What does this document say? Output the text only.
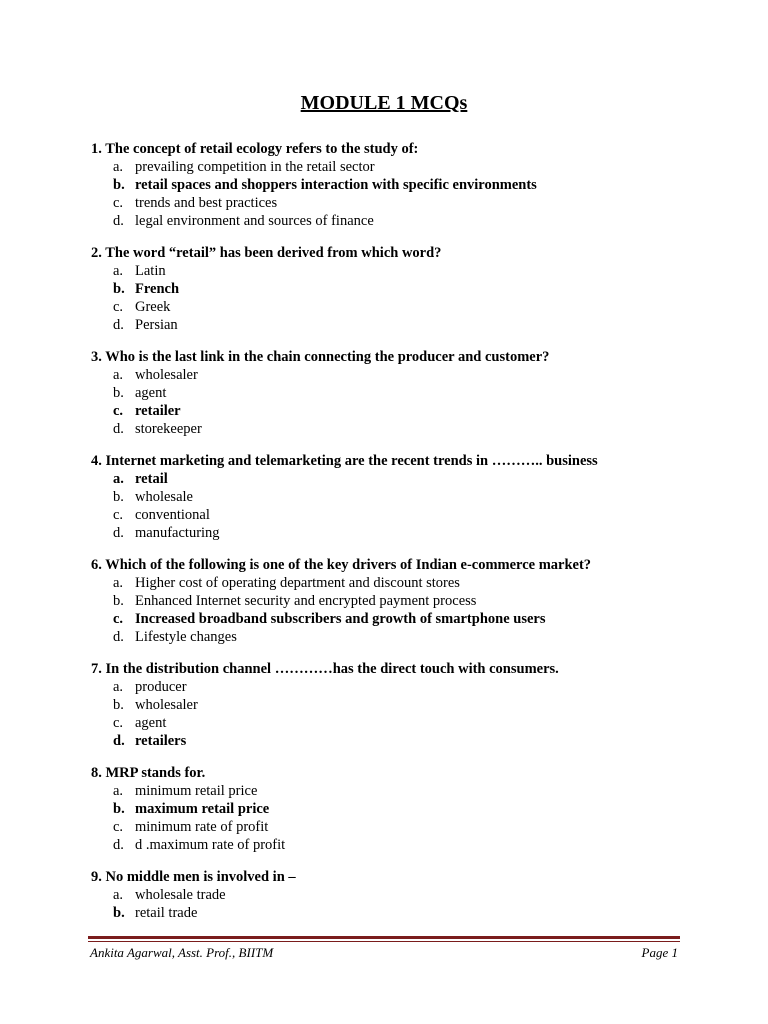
MODULE 1 MCQs
1. The concept of retail ecology refers to the study of:
a. prevailing competition in the retail sector
b. retail spaces and shoppers interaction with specific environments
c. trends and best practices
d. legal environment and sources of finance
2. The word “retail” has been derived from which word?
a. Latin
b. French
c. Greek
d. Persian
3. Who is the last link in the chain connecting the producer and customer?
a. wholesaler
b. agent
c. retailer
d. storekeeper
4. Internet marketing and telemarketing are the recent trends in ……….. business
a. retail
b. wholesale
c. conventional
d. manufacturing
6. Which of the following is one of the key drivers of Indian e-commerce market?
a. Higher cost of operating department and discount stores
b. Enhanced Internet security and encrypted payment process
c. Increased broadband subscribers and growth of smartphone users
d. Lifestyle changes
7. In the distribution channel …………has the direct touch with consumers.
a. producer
b. wholesaler
c. agent
d. retailers
8. MRP stands for.
a. minimum retail price
b. maximum retail price
c. minimum rate of profit
d. d .maximum rate of profit
9. No middle men is involved in –
a. wholesale trade
b. retail trade
Ankita Agarwal, Asst. Prof., BIITM	Page 1
